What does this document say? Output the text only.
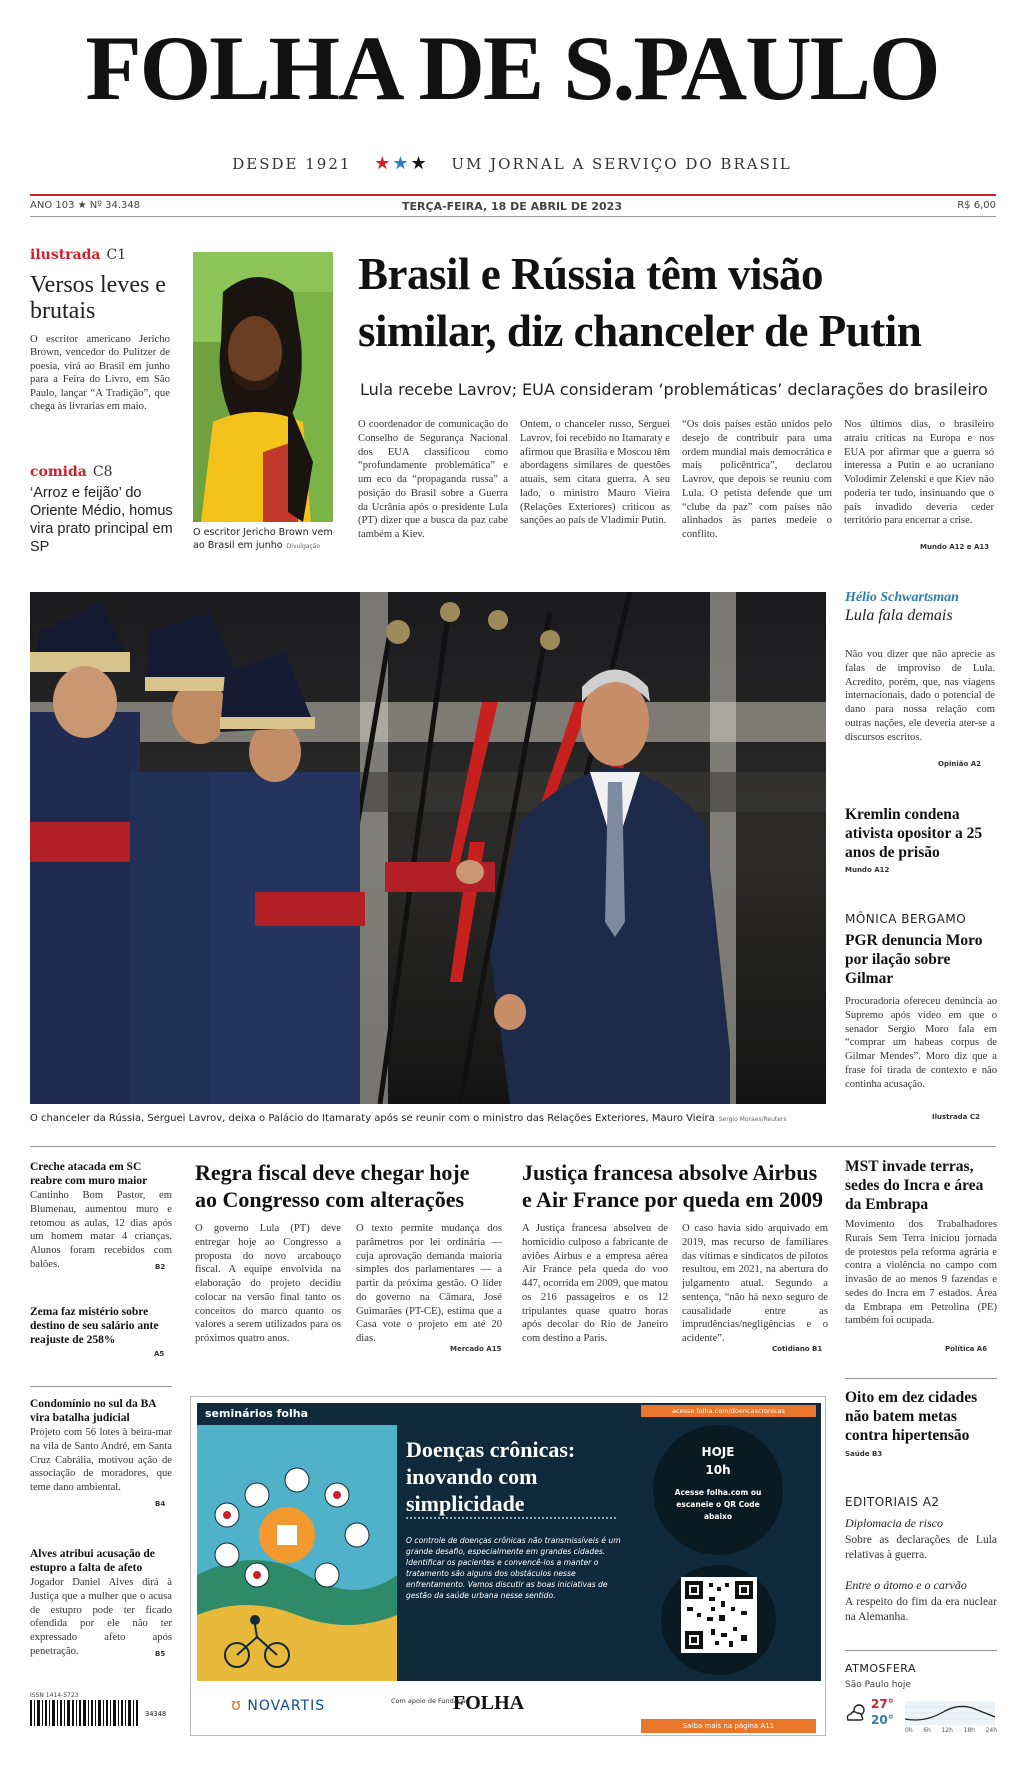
FOLHA DE S.PAULO
DESDE 1921 ★★★ UM JORNAL A SERVIÇO DO BRASIL
ANO 103 ★ Nº 34.348	TERÇA-FEIRA, 18 DE ABRIL DE 2023	R$ 6,00
ilustrada C1
Versos leves e brutais
O escritor americano Jericho Brown, vencedor do Pulitzer de poesia, virá ao Brasil em junho para a Feira do Livro, em São Paulo, lançar “A Tradição”, que chega às livrarias em maio.
comida C8
‘Arroz e feijão’ do Oriente Médio, homus vira prato principal em SP
O escritor Jericho Brown vem ao Brasil em junho Divulgação
Brasil e Rússia têm visão
similar, diz chanceler de Putin
Lula recebe Lavrov; EUA consideram ‘problemáticas’ declarações do brasileiro
O coordenador de comunicação do Conselho de Segurança Nacional dos EUA classificou como “profundamente problemática” e um eco da “propaganda russa” a posição do Brasil sobre a Guerra da Ucrânia após o presidente Lula (PT) dizer que a busca da paz cabe também a Kiev.
Ontem, o chanceler russo, Serguei Lavrov, foi recebido no Itamaraty e afirmou que Brasília e Moscou têm abordagens similares de questões atuais, sem citara guerra. A seu lado, o ministro Mauro Vieira (Relações Exteriores) criticou as sanções ao país de Vladimir Putin.
“Os dois países estão unidos pelo desejo de contribuir para uma ordem mundial mais democrática e mais policêntrica”, declarou Lavrov, que depois se reuniu com Lula. O petista defende que um “clube da paz” com países não alinhados às partes medeie o conflito.
Nos últimos dias, o brasileiro atraiu críticas na Europa e nos EUA por afirmar que a guerra só interessa a Putin e ao ucraniano Volodimir Zelenski e que Kiev não poderia ter tudo, insinuando que o país invadido deveria ceder território para encerrar a crise.
Mundo A12 e A13
O chanceler da Rússia, Serguei Lavrov, deixa o Palácio do Itamaraty após se reunir com o ministro das Relações Exteriores, Mauro Vieira Sergio Moraes/Reuters
Hélio Schwartsman
Lula fala demais
Não vou dizer que não aprecie as falas de improviso de Lula. Acredito, porém, que, nas viagens internacionais, dado o potencial de dano para nossa relação com outras nações, ele deveria ater-se a discursos escritos.
Opinião A2
Kremlin condena ativista opositor a 25 anos de prisão
Mundo A12
MÔNICA BERGAMO
PGR denuncia Moro por ilação sobre Gilmar
Procuradoria ofereceu denúncia ao Supremo após vídeo em que o senador Sergio Moro fala em “comprar um habeas corpus de Gilmar Mendes”. Moro diz que a frase foi tirada de contexto e não continha acusação.
Ilustrada C2
Creche atacada em SC reabre com muro maior
Cantinho Bom Pastor, em Blumenau, aumentou muro e retomou as aulas, 12 dias após um homem matar 4 crianças. Alunos foram recebidos com balões.	B2
Zema faz mistério sobre destino de seu salário ante reajuste de 258%
A5
Condomínio no sul da BA vira batalha judicial
Projeto com 56 lotes à beira-mar na vila de Santo André, em Santa Cruz Cabrália, motivou ação de associação de moradores, que teme dano ambiental.
B4
Alves atribui acusação de estupro a falta de afeto
Jogador Daniel Alves dirá à Justiça que a mulher que o acusa de estupro pode ter ficado ofendida por ele não ter expressado afeto após penetração.	B5
ISSN 1414-5723
34348
Regra fiscal deve chegar hoje
ao Congresso com alterações
O governo Lula (PT) deve entregar hoje ao Congresso a proposta do novo arcabouço fiscal. A equipe envolvida na elaboração do projeto decidiu colocar na versão final tanto os conceitos do marco quanto os valores a serem utilizados para os próximos quatro anos.
O texto permite mudança dos parâmetros por lei ordinária — cuja aprovação demanda maioria simples dos parlamentares — a partir da próxima gestão. O líder do governo na Câmara, José Guimarães (PT-CE), estima que a Casa vote o projeto em até 20 dias.
Mercado A15
Justiça francesa absolve Airbus
e Air France por queda em 2009
A Justiça francesa absolveu de homicídio culposo a fabricante de aviões Airbus e a empresa aérea Air France pela queda do voo 447, ocorrida em 2009, que matou os 216 passageiros e os 12 tripulantes quase quatro horas após decolar do Rio de Janeiro com destino a Paris.
O caso havia sido arquivado em 2019, mas recurso de familiares das vítimas e sindicatos de pilotos resultou, em 2021, na abertura do julgamento atual. Segundo a sentença, “não há nexo seguro de causalidade entre as imprudências/negligências e o acidente”.
Cotidiano B1
MST invade terras, sedes do Incra e área da Embrapa
Movimento dos Trabalhadores Rurais Sem Terra iniciou jornada de protestos pela reforma agrária e contra a violência no campo com invasão de ao menos 9 fazendas e sedes do Incra em 7 estados. Área da Embrapa em Petrolina (PE) também foi ocupada.
Política A6
Oito em dez cidades não batem metas contra hipertensão
Saúde B3
EDITORIAIS A2
Diplomacia de risco
Sobre as declarações de Lula relativas à guerra.
Entre o átomo e o carvão
A respeito do fim da era nuclear na Alemanha.
ATMOSFERA
São Paulo hoje
27°
20°
0h 6h 12h 18h 24h
acesse folha.com/doencascronicas
seminários folha
Doenças crônicas: inovando com simplicidade
O controle de doenças crônicas não transmissíveis é um grande desafio, especialmente em grandes cidades. Identificar os pacientes e convencê-los a manter o tratamento são alguns dos obstáculos nesse enfrentamento. Vamos discutir as boas iniciativas de gestão da saúde urbana nesse sentido.
HOJE
10h
Acesse folha.com ou escaneie o QR Code abaixo
ʊ NOVARTIS	Com apoio de Fundação
FOLHA
Saiba mais na página A11
